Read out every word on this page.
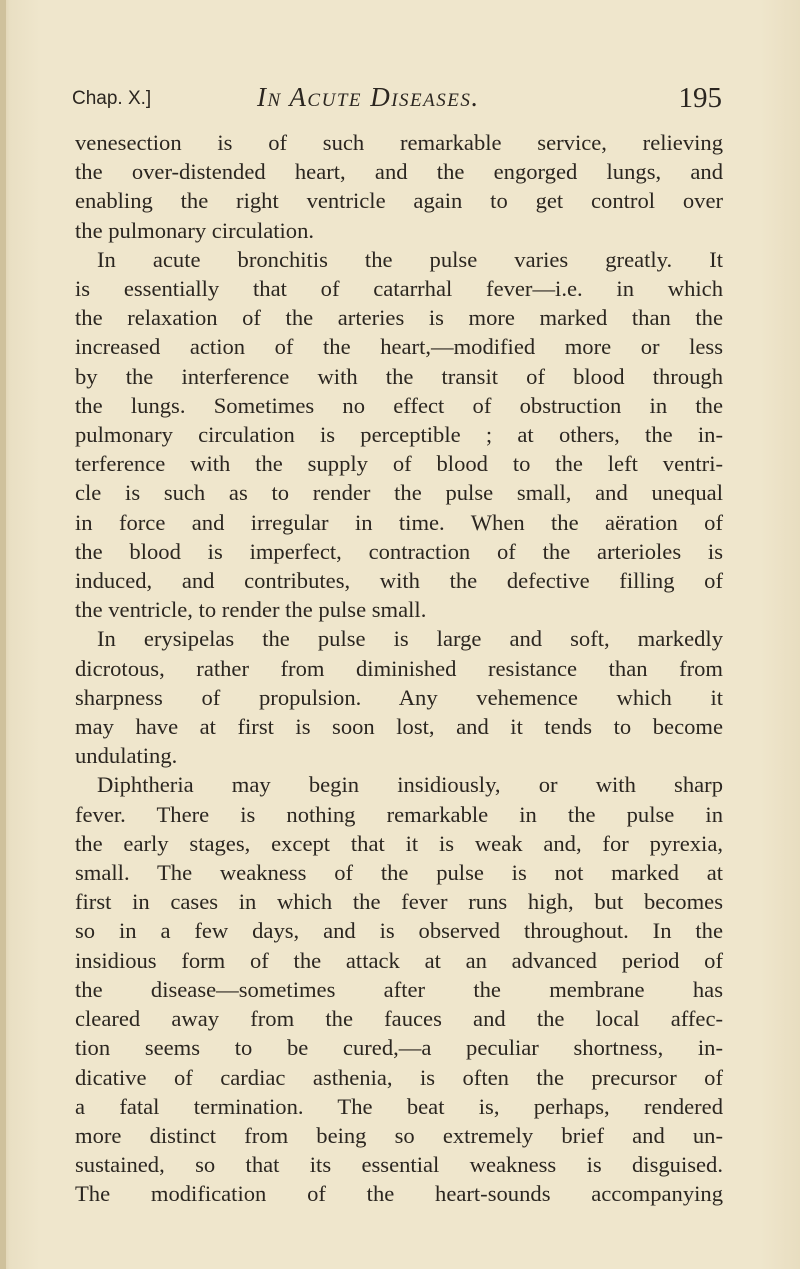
Chap. X.]	In Acute Diseases.	195

venesection is of such remarkable service, relieving
the over-distended heart, and the engorged lungs, and
enabling the right ventricle again to get control over
the pulmonary circulation.

In acute bronchitis the pulse varies greatly. It
is essentially that of catarrhal fever—i.e. in which
the relaxation of the arteries is more marked than the
increased action of the heart,—modified more or less
by the interference with the transit of blood through
the lungs. Sometimes no effect of obstruction in the
pulmonary circulation is perceptible ; at others, the in-
terference with the supply of blood to the left ventri-
cle is such as to render the pulse small, and unequal
in force and irregular in time. When the aëration of
the blood is imperfect, contraction of the arterioles is
induced, and contributes, with the defective filling of
the ventricle, to render the pulse small.

In erysipelas the pulse is large and soft, markedly
dicrotous, rather from diminished resistance than from
sharpness of propulsion. Any vehemence which it
may have at first is soon lost, and it tends to become
undulating.

Diphtheria may begin insidiously, or with sharp
fever. There is nothing remarkable in the pulse in
the early stages, except that it is weak and, for pyrexia,
small. The weakness of the pulse is not marked at
first in cases in which the fever runs high, but becomes
so in a few days, and is observed throughout. In the
insidious form of the attack at an advanced period of
the disease—sometimes after the membrane has
cleared away from the fauces and the local affec-
tion seems to be cured,—a peculiar shortness, in-
dicative of cardiac asthenia, is often the precursor of
a fatal termination. The beat is, perhaps, rendered
more distinct from being so extremely brief and un-
sustained, so that its essential weakness is disguised.
The modification of the heart-sounds accompanying
